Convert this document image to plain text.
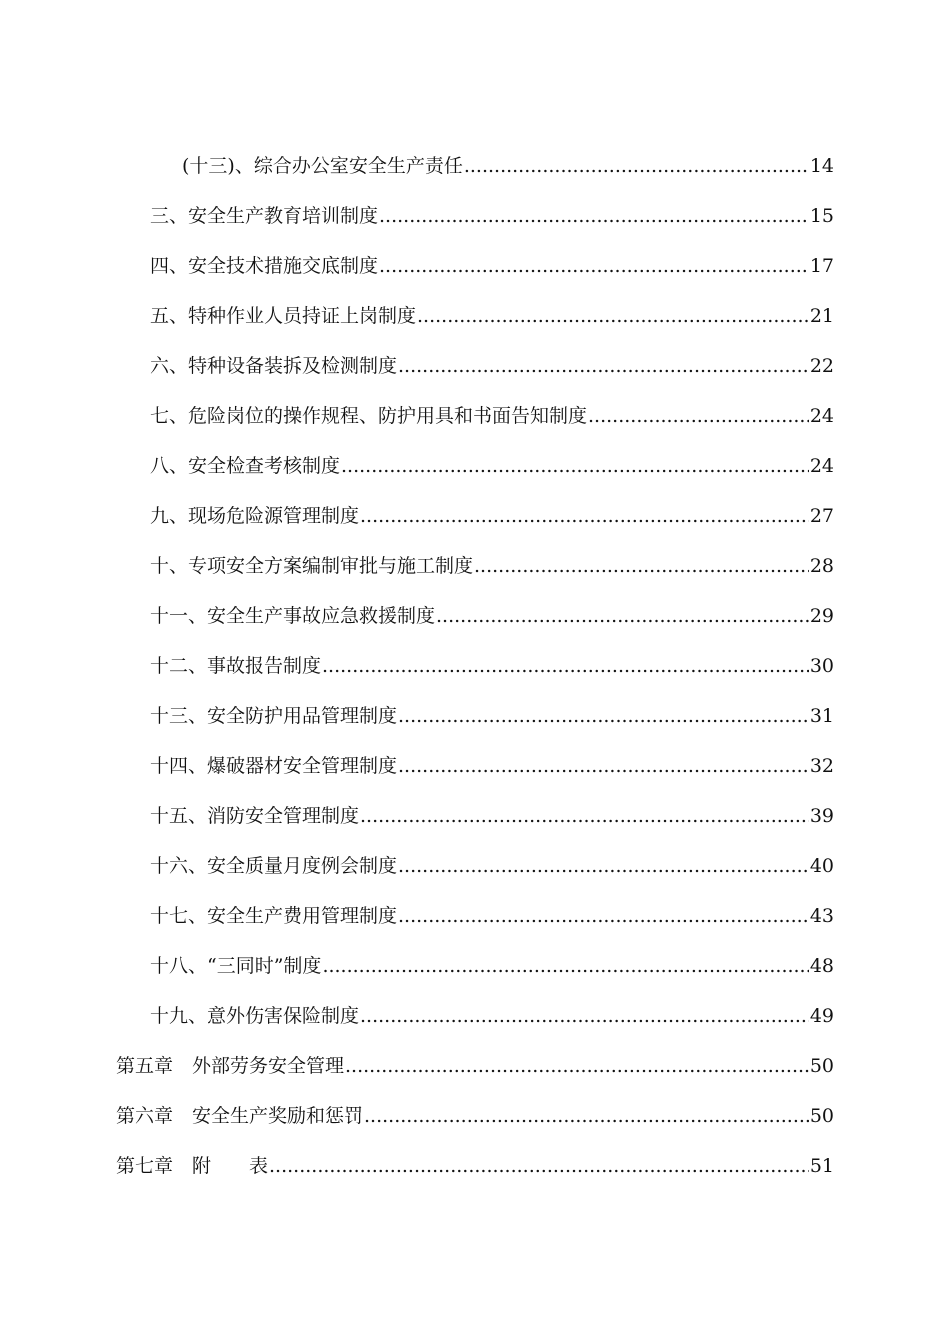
(十三)、综合办公室安全生产责任 .....	14
三、安全生产教育培训制度 .....	15
四、安全技术措施交底制度 .....	17
五、特种作业人员持证上岗制度 .....	21
六、特种设备装拆及检测制度 .....	22
七、危险岗位的操作规程、防护用具和书面告知制度 .....	24
八、安全检查考核制度 .....	24
九、现场危险源管理制度 .....	27
十、专项安全方案编制审批与施工制度 .....	28
十一、安全生产事故应急救援制度 .....	29
十二、事故报告制度 .....	30
十三、安全防护用品管理制度 .....	31
十四、爆破器材安全管理制度 .....	32
十五、消防安全管理制度 .....	39
十六、安全质量月度例会制度 .....	40
十七、安全生产费用管理制度 .....	43
十八、“三同时”制度 .....	48
十九、意外伤害保险制度 .....	49
第五章　外部劳务安全管理 .....	50
第六章　安全生产奖励和惩罚 .....	50
第七章　附　　表 .....	51
